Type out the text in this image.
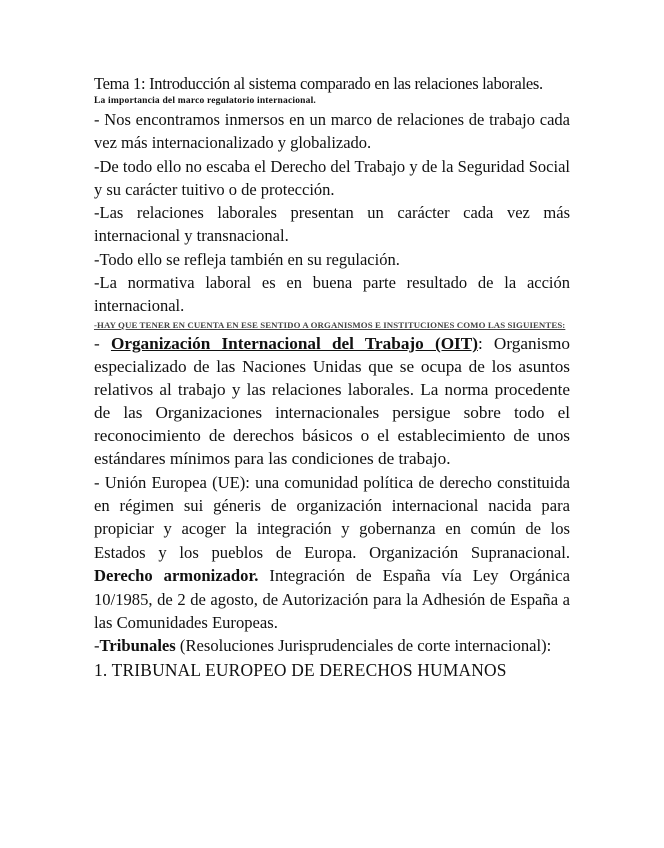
Tema 1: Introducción al sistema comparado en las relaciones laborales.

La importancia del marco regulatorio internacional.

- Nos encontramos inmersos en un marco de relaciones de trabajo cada vez más internacionalizado y globalizado.

-De todo ello no escaba el Derecho del Trabajo y de la Seguridad Social y su carácter tuitivo o de protección.

-Las relaciones laborales presentan un carácter cada vez más internacional y transnacional.

-Todo ello se refleja también en su regulación.

-La normativa laboral es en buena parte resultado de la acción internacional.

-HAY QUE TENER EN CUENTA EN ESE SENTIDO A ORGANISMOS E INSTITUCIONES COMO LAS SIGUIENTES:

- Organización Internacional del Trabajo (OIT): Organismo especializado de las Naciones Unidas que se ocupa de los asuntos relativos al trabajo y las relaciones laborales. La norma procedente de las Organizaciones internacionales persigue sobre todo el reconocimiento de derechos básicos o el establecimiento de unos estándares mínimos para las condiciones de trabajo.

- Unión Europea (UE): una comunidad política de derecho constituida en régimen sui géneris de organización internacional nacida para propiciar y acoger la integración y gobernanza en común de los Estados y los pueblos de Europa. Organización Supranacional. Derecho armonizador. Integración de España vía Ley Orgánica 10/1985, de 2 de agosto, de Autorización para la Adhesión de España a las Comunidades Europeas.

-Tribunales (Resoluciones Jurisprudenciales de corte internacional):

1. TRIBUNAL EUROPEO DE DERECHOS HUMANOS
